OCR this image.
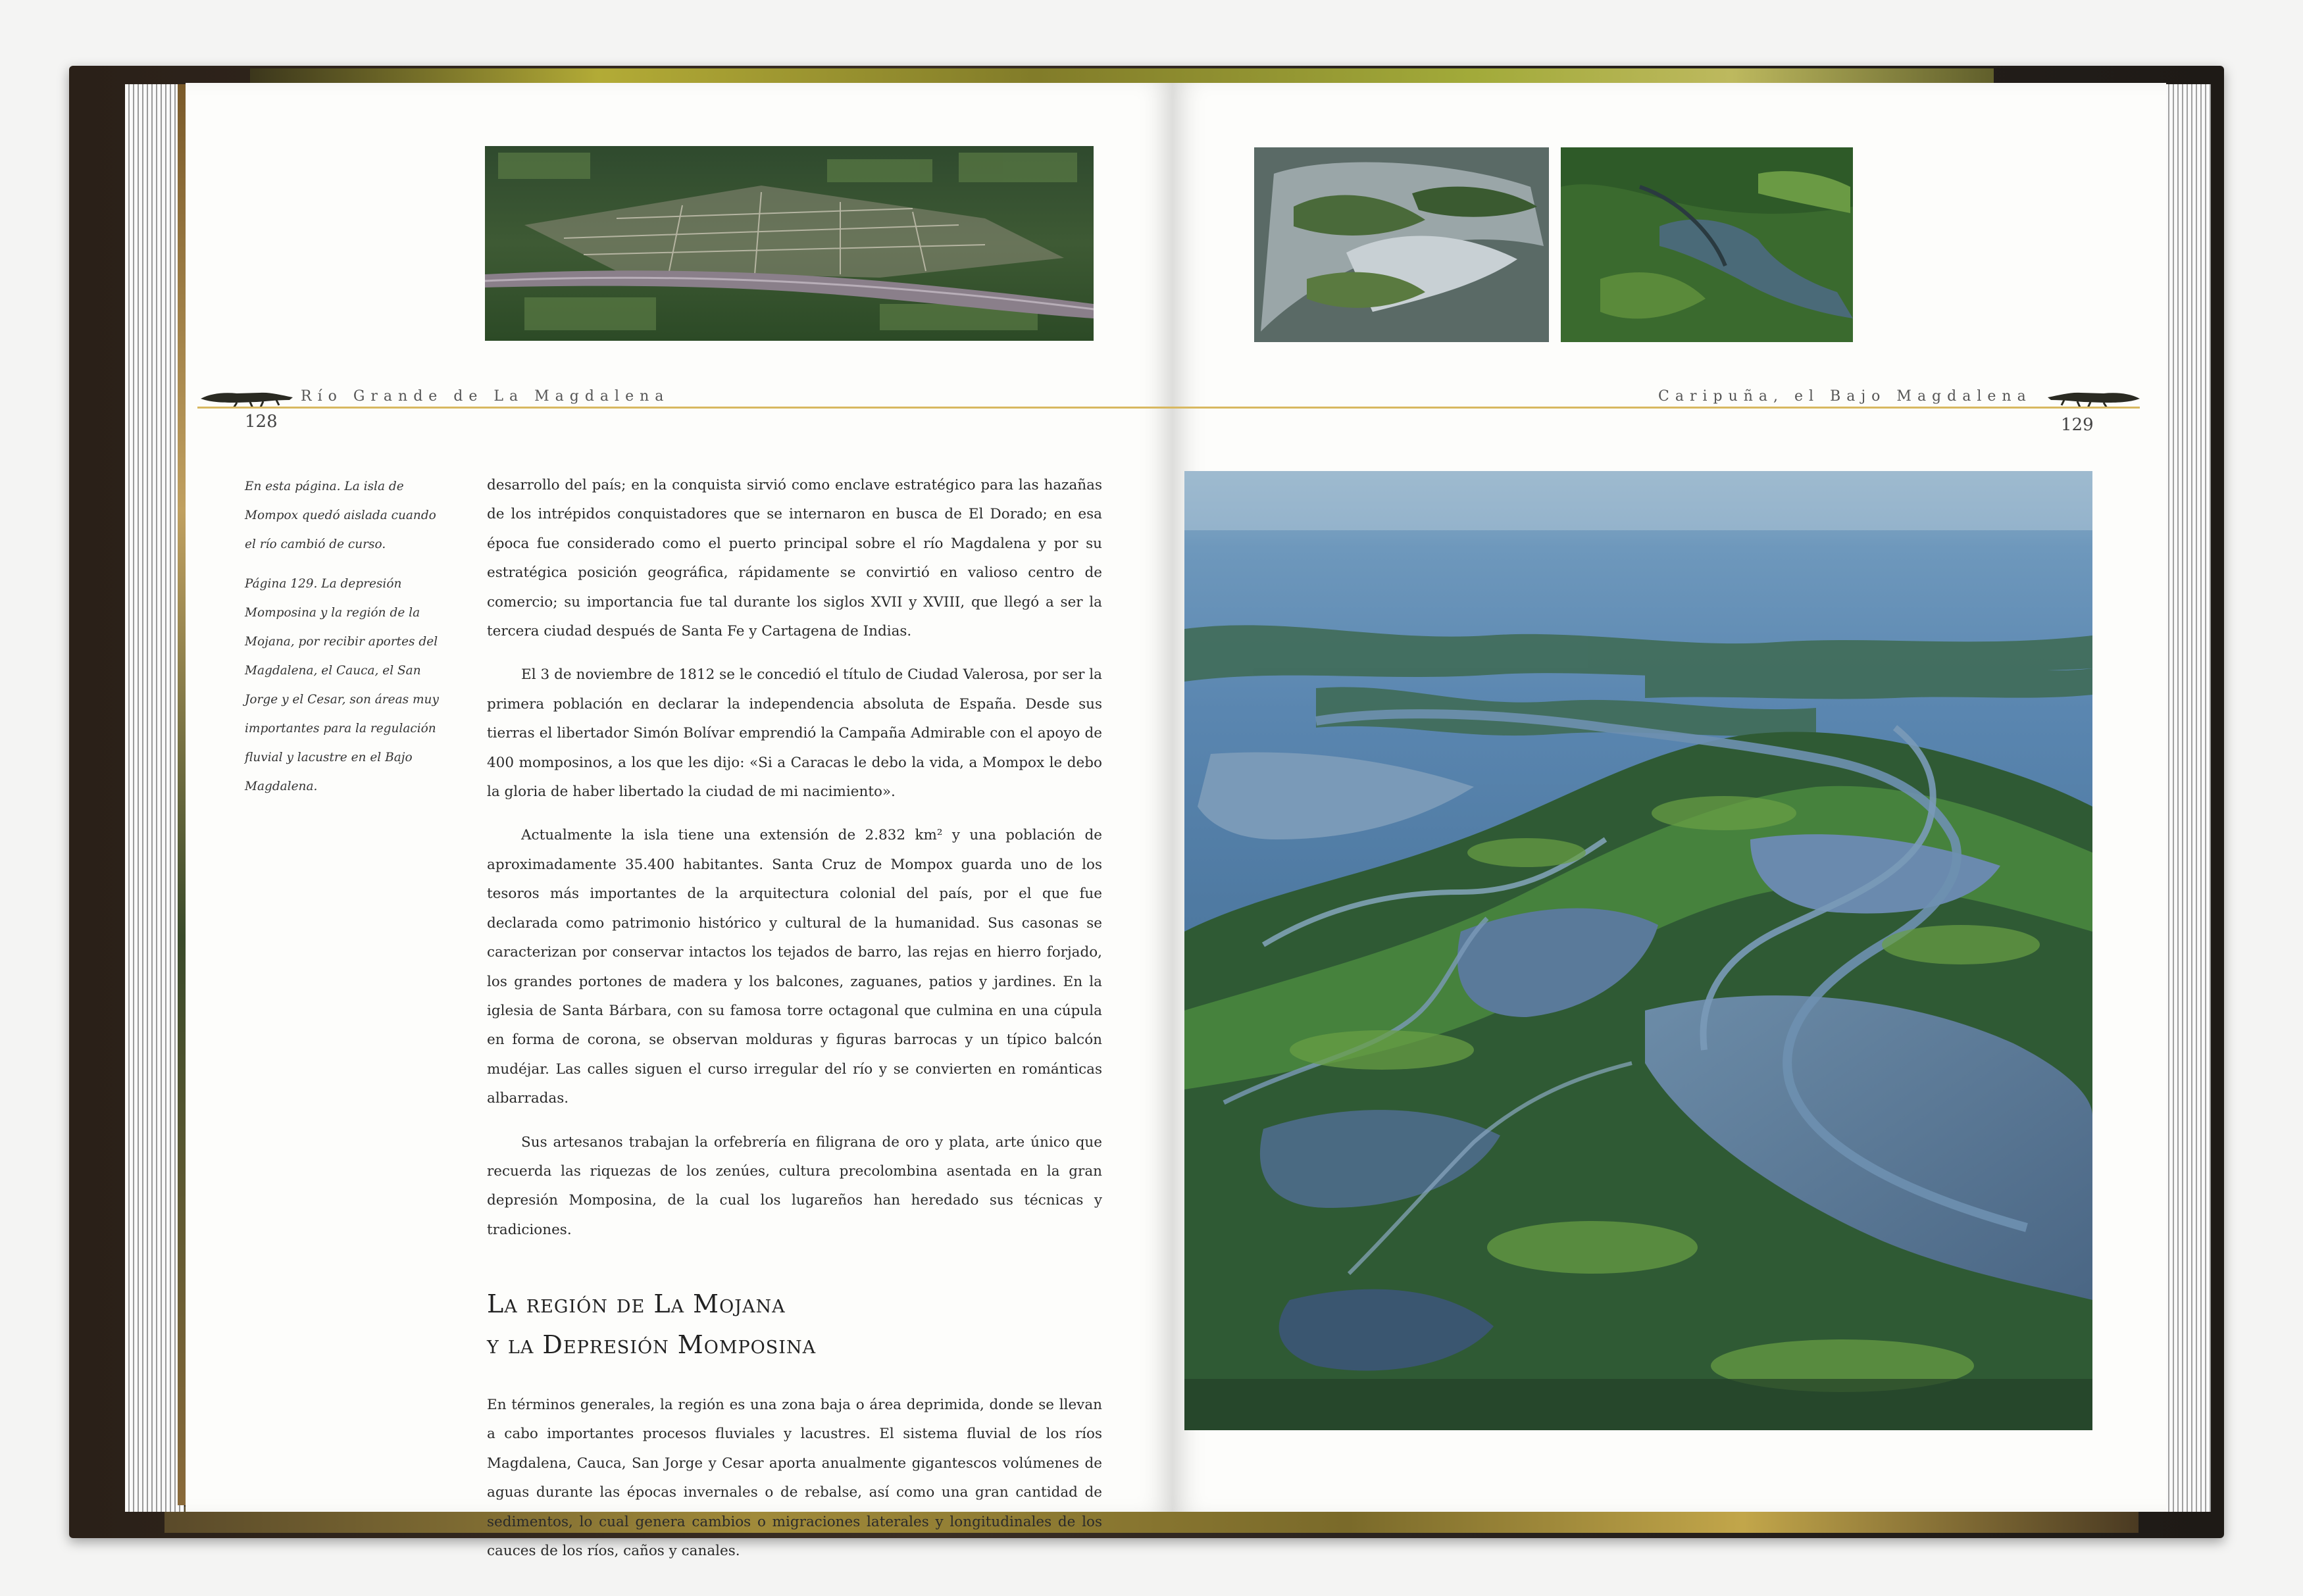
Río Grande de La Magdalena
128

En esta página. La isla de Mompox quedó aislada cuando el río cambió de curso.

Página 129. La depresión Momposina y la región de la Mojana, por recibir aportes del Magdalena, el Cauca, el San Jorge y el Cesar, son áreas muy importantes para la regulación fluvial y lacustre en el Bajo Magdalena.

desarrollo del país; en la conquista sirvió como enclave estratégico para las hazañas de los intrépidos conquistadores que se internaron en busca de El Dorado; en esa época fue considerado como el puerto principal sobre el río Magdalena y por su estratégica posición geográfica, rápidamente se convirtió en valioso centro de comercio; su importancia fue tal durante los siglos XVII y XVIII, que llegó a ser la tercera ciudad después de Santa Fe y Cartagena de Indias.

El 3 de noviembre de 1812 se le concedió el título de Ciudad Valerosa, por ser la primera población en declarar la independencia absoluta de España. Desde sus tierras el libertador Simón Bolívar emprendió la Campaña Admirable con el apoyo de 400 momposinos, a los que les dijo: «Si a Caracas le debo la vida, a Mompox le debo la gloria de haber libertado la ciudad de mi nacimiento».

Actualmente la isla tiene una extensión de 2.832 km² y una población de aproximadamente 35.400 habitantes. Santa Cruz de Mompox guarda uno de los tesoros más importantes de la arquitectura colonial del país, por el que fue declarada como patrimonio histórico y cultural de la humanidad. Sus casonas se caracterizan por conservar intactos los tejados de barro, las rejas en hierro forjado, los grandes portones de madera y los balcones, zaguanes, patios y jardines. En la iglesia de Santa Bárbara, con su famosa torre octagonal que culmina en una cúpula en forma de corona, se observan molduras y figuras barrocas y un típico balcón mudéjar. Las calles siguen el curso irregular del río y se convierten en románticas albarradas.

Sus artesanos trabajan la orfebrería en filigrana de oro y plata, arte único que recuerda las riquezas de los zenúes, cultura precolombina asentada en la gran depresión Momposina, de la cual los lugareños han heredado sus técnicas y tradiciones.

La región de La Mojana
y la Depresión Momposina

En términos generales, la región es una zona baja o área deprimida, donde se llevan a cabo importantes procesos fluviales y lacustres. El sistema fluvial de los ríos Magdalena, Cauca, San Jorge y Cesar aporta anualmente gigantescos volúmenes de aguas durante las épocas invernales o de rebalse, así como una gran cantidad de sedimentos, lo cual genera cambios o migraciones laterales y longitudinales de los cauces de los ríos, caños y canales.

Caripuña, el Bajo Magdalena
129
